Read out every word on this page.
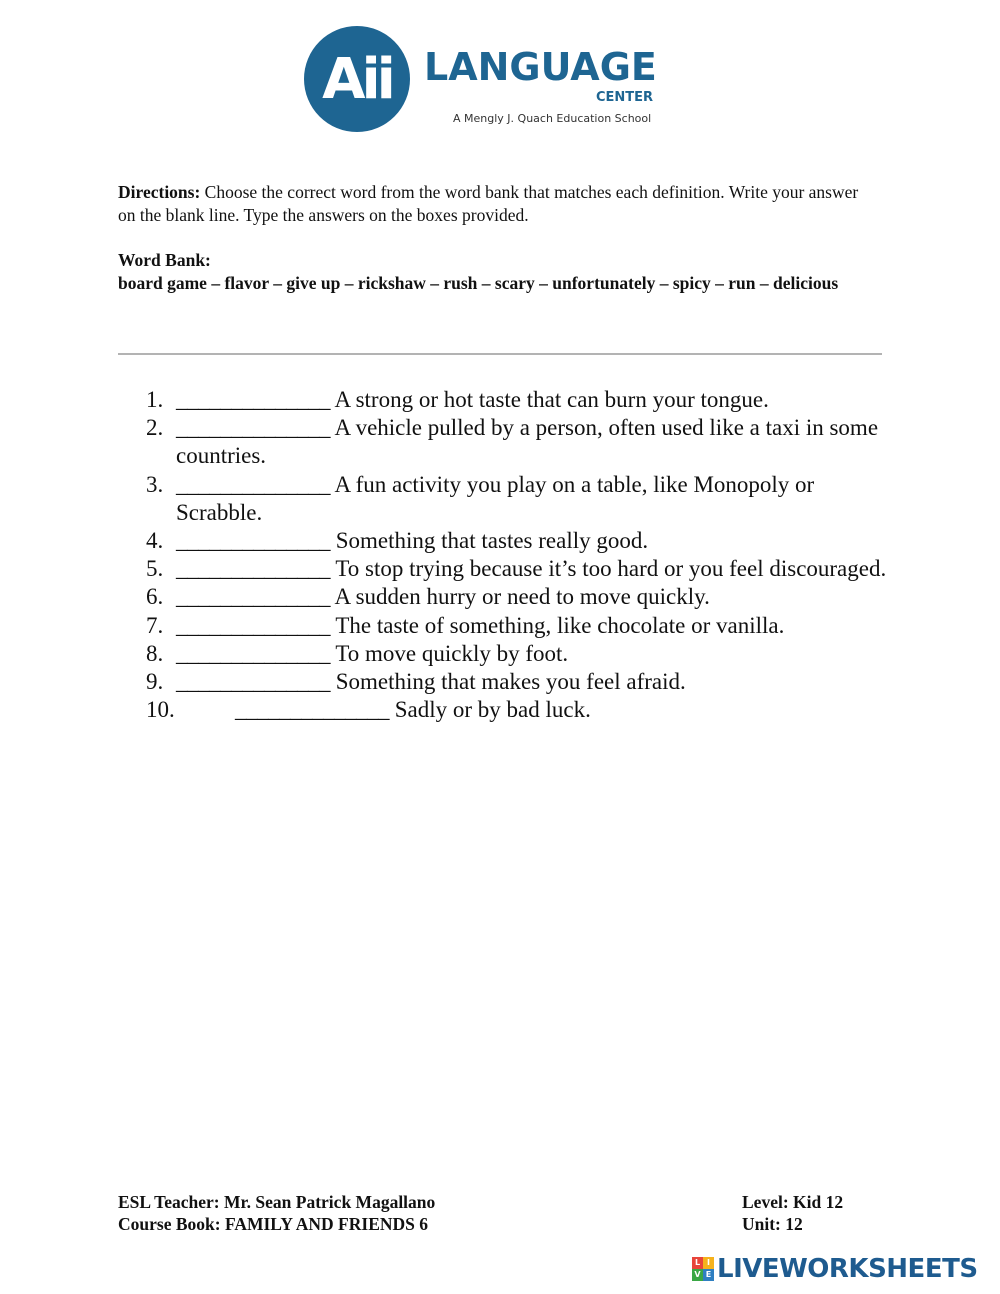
Aii LANGUAGE
CENTER
A Mengly J. Quach Education School
Directions: Choose the correct word from the word bank that matches each definition. Write your answer on the blank line. Type the answers on the boxes provided.
Word Bank:
board game – flavor – give up – rickshaw – rush – scary – unfortunately – spicy – run – delicious
1. ______________ A strong or hot taste that can burn your tongue.
2. ______________ A vehicle pulled by a person, often used like a taxi in some countries.
3. ______________ A fun activity you play on a table, like Monopoly or Scrabble.
4. ______________ Something that tastes really good.
5. ______________ To stop trying because it’s too hard or you feel discouraged.
6. ______________ A sudden hurry or need to move quickly.
7. ______________ The taste of something, like chocolate or vanilla.
8. ______________ To move quickly by foot.
9. ______________ Something that makes you feel afraid.
10.	______________ Sadly or by bad luck.
ESL Teacher: Mr. Sean Patrick Magallano	Level: Kid 12
Course Book: FAMILY AND FRIENDS 6	Unit: 12
L I
V E LIVEWORKSHEETS
